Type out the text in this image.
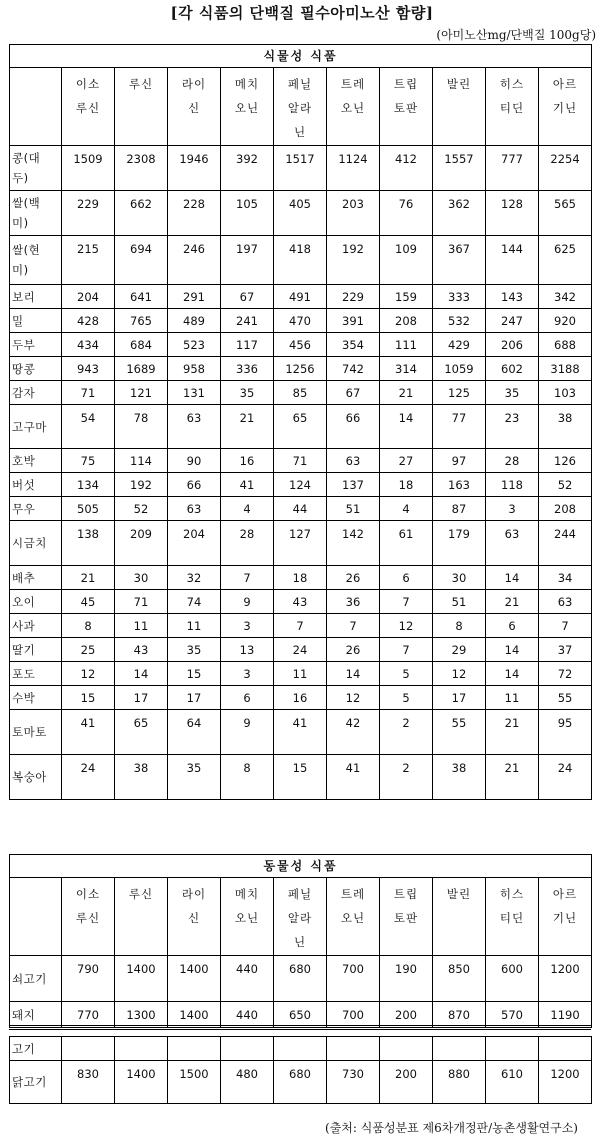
[각 식품의 단백질 필수아미노산 함량]
(아미노산mg/단백질 100g당)
식물성 식품										

	이소루신	루신	라이신	메치오닌	페닐알라닌	트레오닌	트립토판	발린	히스티딘	아르기닌

콩(대두)	1509	2308	1946	392	1517	1124	412	1557	777	2254

쌀(백미)	229	662	228	105	405	203	76	362	128	565

쌀(현미)	215	694	246	197	418	192	109	367	144	625

보리	204	641	291	67	491	229	159	333	143	342

밀	428	765	489	241	470	391	208	532	247	920

두부	434	684	523	117	456	354	111	429	206	688

땅콩	943	1689	958	336	1256	742	314	1059	602	3188

감자	71	121	131	35	85	67	21	125	35	103

고구마	54	78	63	21	65	66	14	77	23	38

호박	75	114	90	16	71	63	27	97	28	126

버섯	134	192	66	41	124	137	18	163	118	52

무우	505	52	63	4	44	51	4	87	3	208

시금치	138	209	204	28	127	142	61	179	63	244

배추	21	30	32	7	18	26	6	30	14	34

오이	45	71	74	9	43	36	7	51	21	63

사과	8	11	11	3	7	7	12	8	6	7

딸기	25	43	35	13	24	26	7	29	14	37

포도	12	14	15	3	11	14	5	12	14	72

수박	15	17	17	6	16	12	5	17	11	55

토마토	41	65	64	9	41	42	2	55	21	95

복숭아	24	38	35	8	15	41	2	38	21	24
동물성 식품										

	이소루신	루신	라이신	메치오닌	페닐알라닌	트레오닌	트립토판	발린	히스티딘	아르기닌

쇠고기	790	1400	1400	440	680	700	190	850	600	1200

돼지	770	1300	1400	440	650	700	200	870	570	1190
고기										

닭고기	830	1400	1500	480	680	730	200	880	610	1200
(출처: 식품성분표 제6차개정판/농촌생활연구소)
